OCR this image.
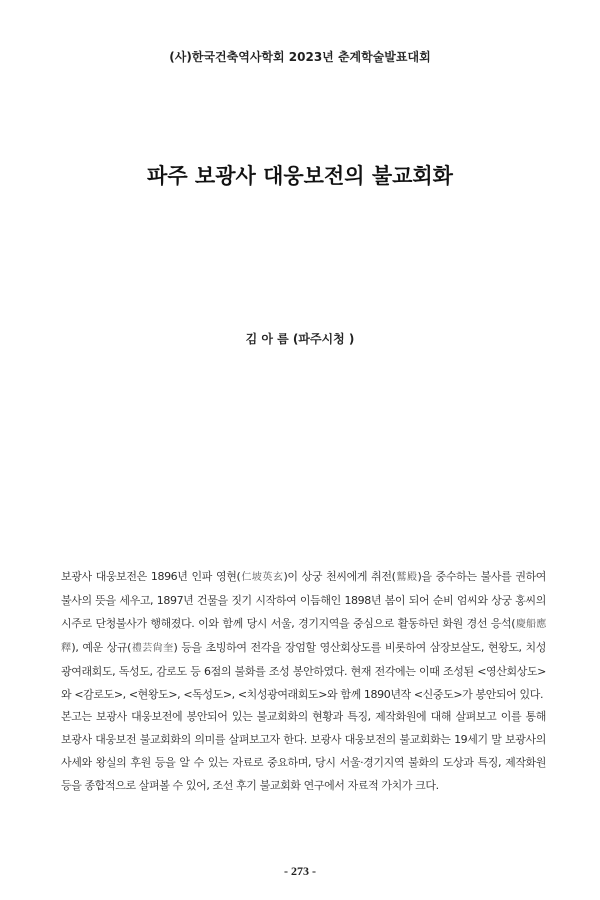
(사)한국건축역사학회 2023년 춘계학술발표대회
파주 보광사 대웅보전의 불교회화
김 아 름 (파주시청 )
보광사 대웅보전은 1896년 인파 영현(仁坡英玄)이 상궁 천씨에게 취전(鷲殿)을 중수하는 불사를 권하여
불사의 뜻을 세우고, 1897년 건물을 짓기 시작하여 이듬해인 1898년 봄이 되어 순비 엄씨와 상궁 홍씨의
시주로 단청불사가 행해졌다. 이와 함께 당시 서울, 경기지역을 중심으로 활동하던 화원 경선 응석(慶船應
釋), 예운 상규(禮芸尙奎) 등을 초빙하여 전각을 장엄할 영산회상도를 비롯하여 삼장보살도, 현왕도, 치성
광여래회도, 독성도, 감로도 등 6점의 불화를 조성 봉안하였다. 현재 전각에는 이때 조성된 <영산회상도>
와 <감로도>, <현왕도>, <독성도>, <치성광여래회도>와 함께 1890년작 <신중도>가 봉안되어 있다.
본고는 보광사 대웅보전에 봉안되어 있는 불교회화의 현황과 특징, 제작화원에 대해 살펴보고 이를 통해
보광사 대웅보전 불교회화의 의미를 살펴보고자 한다. 보광사 대웅보전의 불교회화는 19세기 말 보광사의
사세와 왕실의 후원 등을 알 수 있는 자료로 중요하며, 당시 서울·경기지역 불화의 도상과 특징, 제작화원
등을 종합적으로 살펴볼 수 있어, 조선 후기 불교회화 연구에서 자료적 가치가 크다.
- 273 -
